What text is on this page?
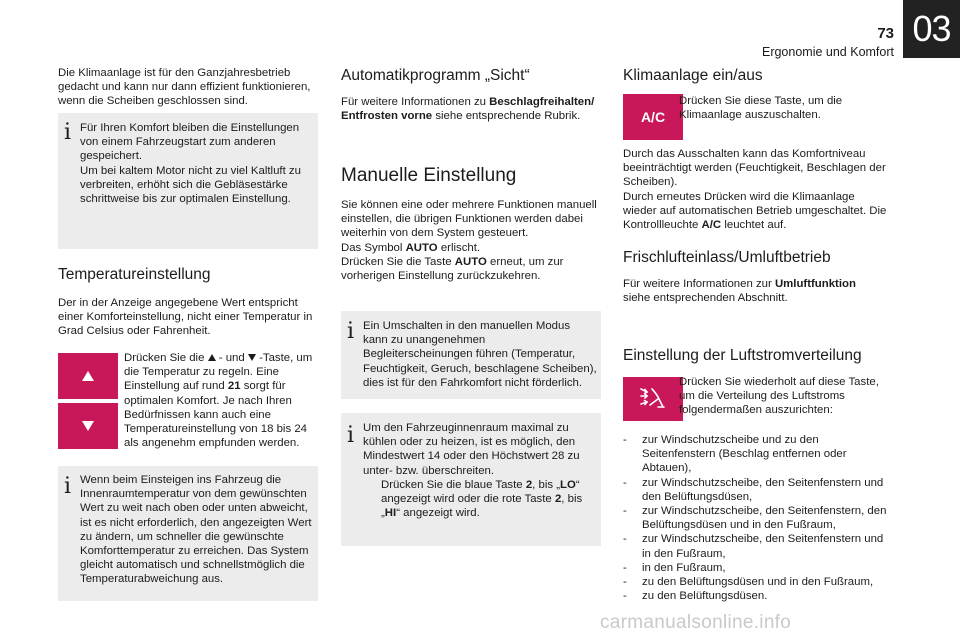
73
Ergonomie und Komfort
03

Die Klimaanlage ist für den Ganzjahresbetrieb gedacht und kann nur dann effizient funktionieren, wenn die Scheiben geschlossen sind.

i Für Ihren Komfort bleiben die Einstellungen von einem Fahrzeugstart zum anderen gespeichert.

Um bei kaltem Motor nicht zu viel Kaltluft zu verbreiten, erhöht sich die Gebläsestärke schrittweise bis zur optimalen Einstellung.

Temperatureinstellung

Der in der Anzeige angegebene Wert entspricht einer Komforteinstellung, nicht einer Temperatur in Grad Celsius oder Fahrenheit.

Drücken Sie die - und -Taste, um die Temperatur zu regeln. Eine Einstellung auf rund 21 sorgt für optimalen Komfort. Je nach Ihren Bedürfnissen kann auch eine Temperatureinstellung von 18 bis 24 als angenehm empfunden werden.

i Wenn beim Einsteigen ins Fahrzeug die Innenraumtemperatur von dem gewünschten Wert zu weit nach oben oder unten abweicht, ist es nicht erforderlich, den angezeigten Wert zu ändern, um schneller die gewünschte Komforttemperatur zu erreichen. Das System gleicht automatisch und schnellstmöglich die Temperaturabweichung aus.

Automatikprogramm „Sicht“

Für weitere Informationen zu Beschlagfreihalten/ Entfrosten vorne siehe entsprechende Rubrik.

Manuelle Einstellung

Sie können eine oder mehrere Funktionen manuell einstellen, die übrigen Funktionen werden dabei weiterhin von dem System gesteuert.

Das Symbol AUTO erlischt.

Drücken Sie die Taste AUTO erneut, um zur vorherigen Einstellung zurückzukehren.

i Ein Umschalten in den manuellen Modus kann zu unangenehmen Begleiterscheinungen führen (Temperatur, Feuchtigkeit, Geruch, beschlagene Scheiben), dies ist für den Fahrkomfort nicht förderlich.

i Um den Fahrzeuginnenraum maximal zu kühlen oder zu heizen, ist es möglich, den Mindestwert 14 oder den Höchstwert 28 zu unter- bzw. überschreiten.

Drücken Sie die blaue Taste 2, bis „LO“ angezeigt wird oder die rote Taste 2, bis „HI“ angezeigt wird.

Klimaanlage ein/aus
A/C

Drücken Sie diese Taste, um die Klimaanlage auszuschalten.

Durch das Ausschalten kann das Komfortniveau beeinträchtigt werden (Feuchtigkeit, Beschlagen der Scheiben).

Durch erneutes Drücken wird die Klimaanlage wieder auf automatischen Betrieb umgeschaltet. Die Kontrollleuchte A/C leuchtet auf.

Frischlufteinlass/Umluftbetrieb

Für weitere Informationen zur Umluftfunktion siehe entsprechenden Abschnitt.

Einstellung der Luftstromverteilung

Drücken Sie wiederholt auf diese Taste, um die Verteilung des Luftstroms folgendermaßen auszurichten:

- zur Windschutzscheibe und zu den Seitenfenstern (Beschlag entfernen oder Abtauen),
- zur Windschutzscheibe, den Seitenfenstern und den Belüftungsdüsen,
- zur Windschutzscheibe, den Seitenfenstern, den Belüftungsdüsen und in den Fußraum,
- zur Windschutzscheibe, den Seitenfenstern und in den Fußraum,
- in den Fußraum,
- zu den Belüftungsdüsen und in den Fußraum,
- zu den Belüftungsdüsen.
carmanualsonline.info
